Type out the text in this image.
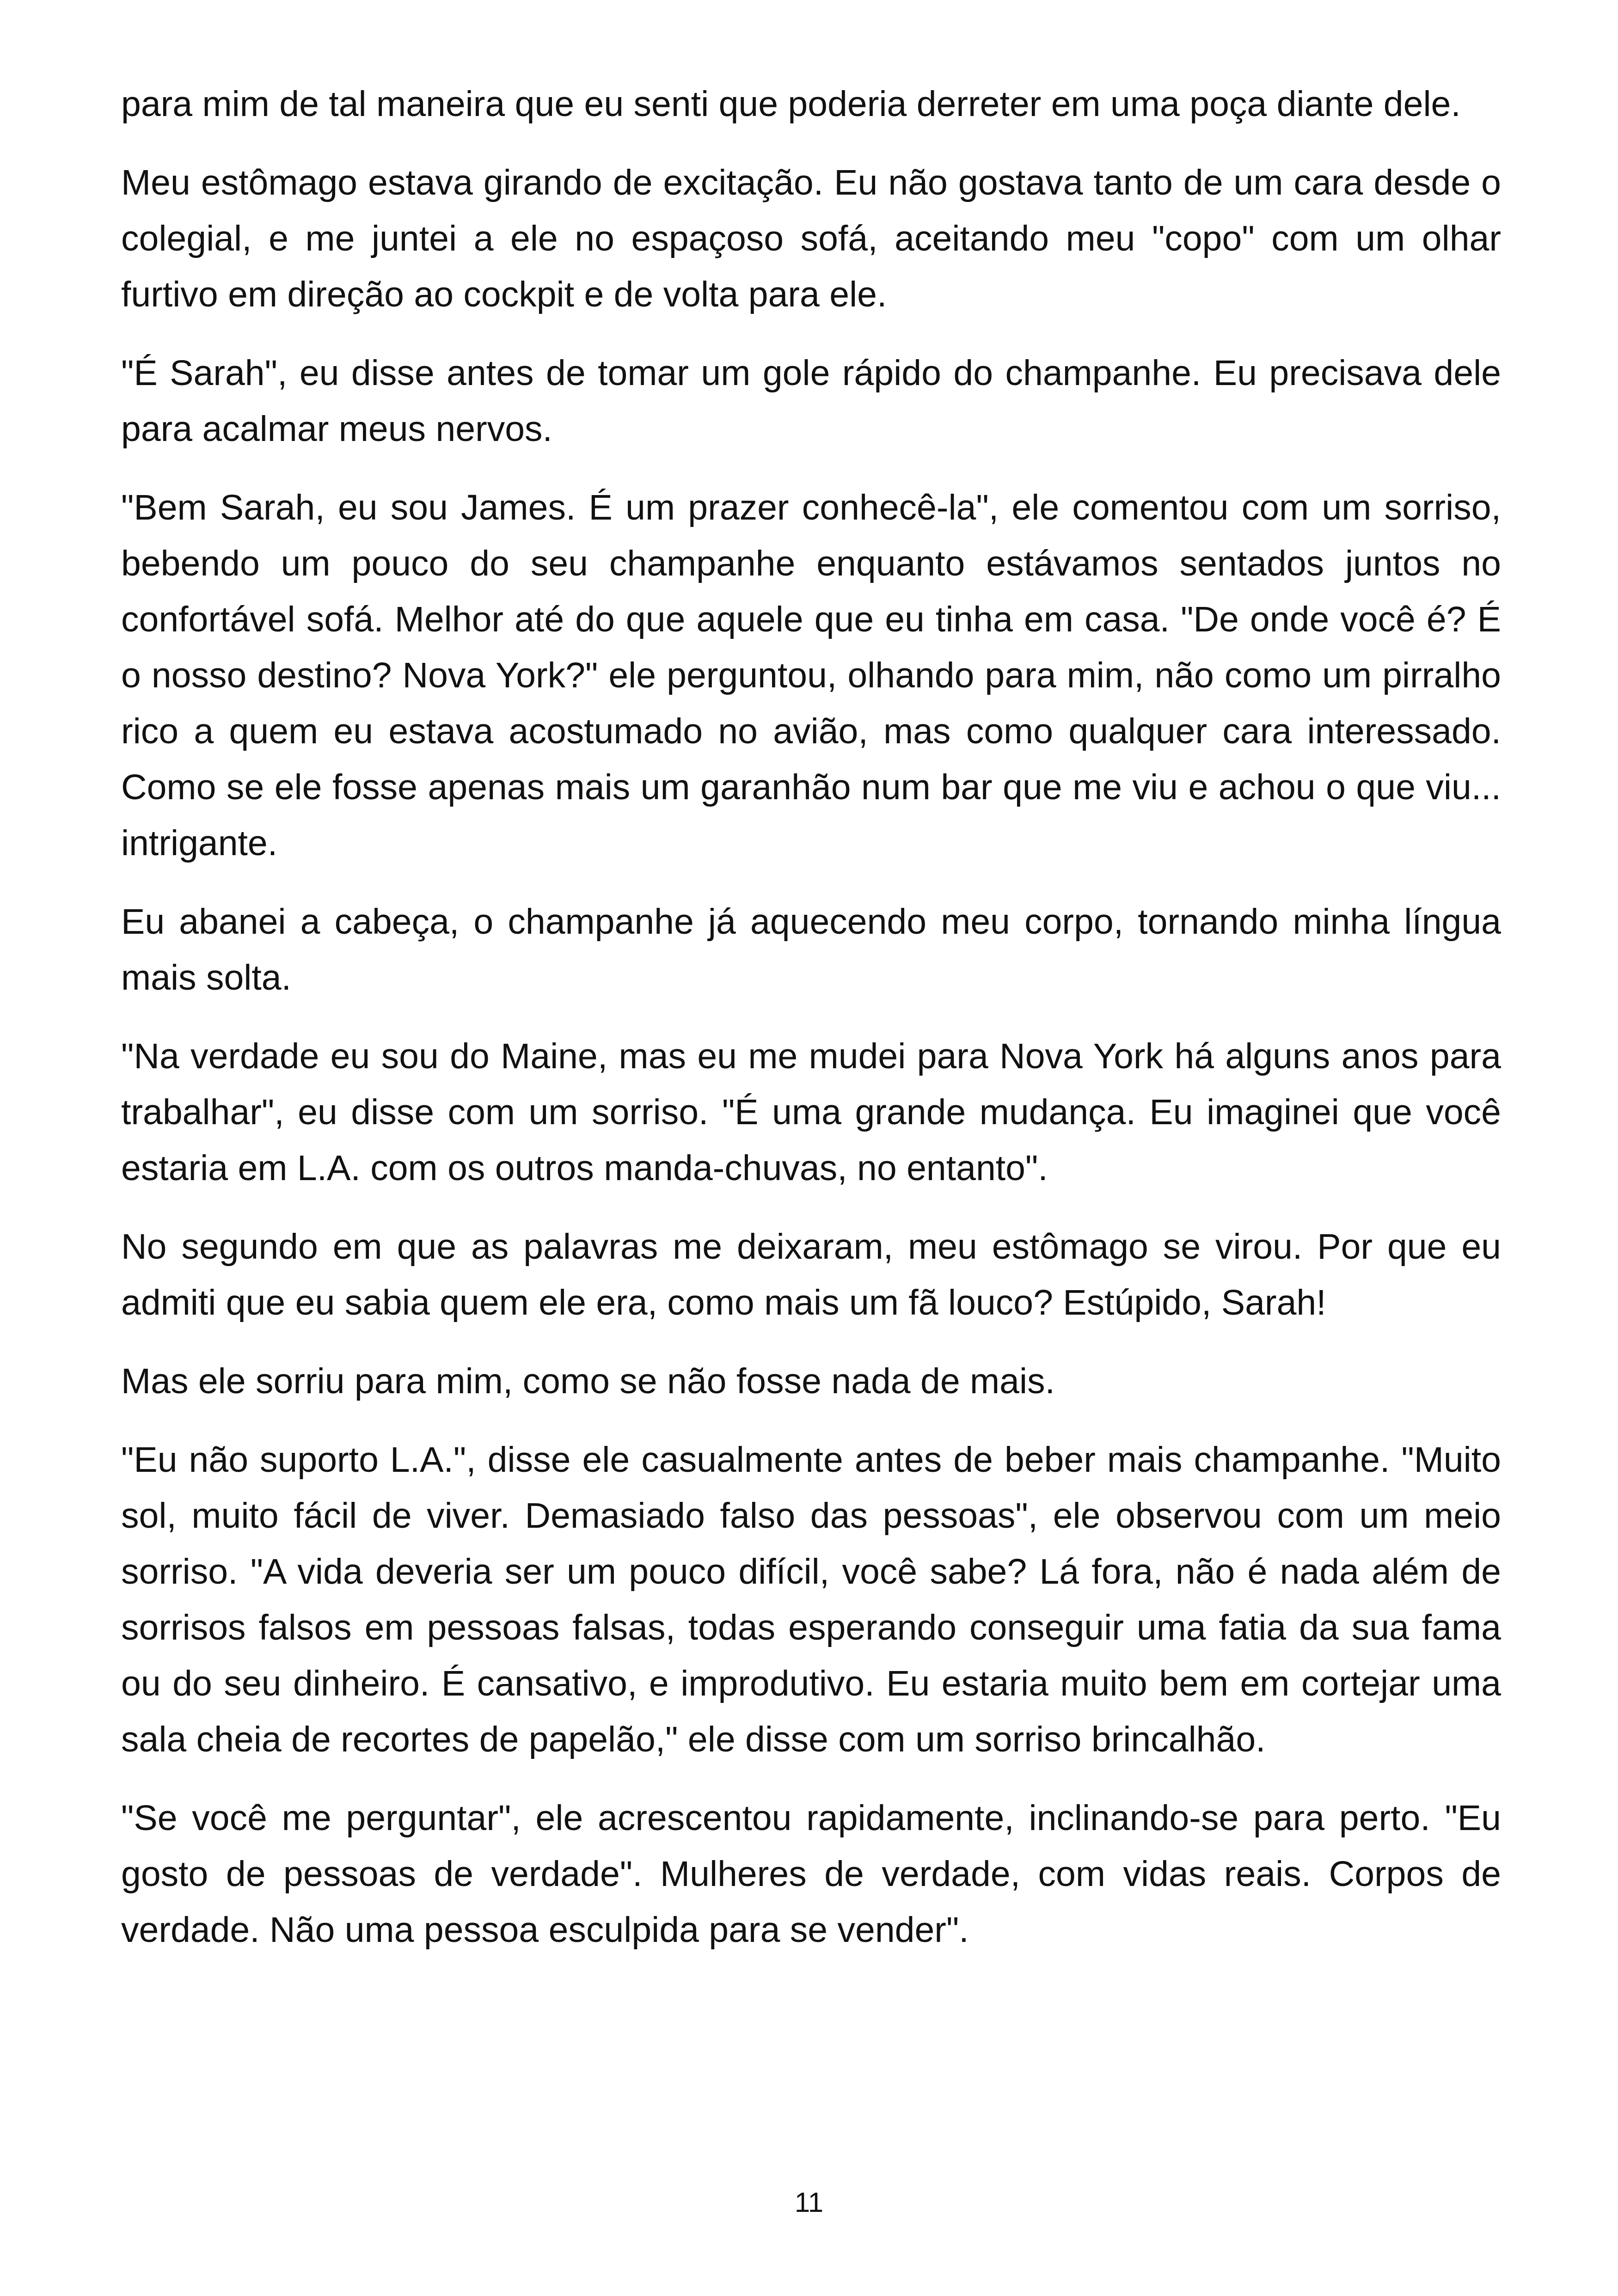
para mim de tal maneira que eu senti que poderia derreter em uma poça diante dele.

Meu estômago estava girando de excitação. Eu não gostava tanto de um cara desde o colegial, e me juntei a ele no espaçoso sofá, aceitando meu "copo" com um olhar furtivo em direção ao cockpit e de volta para ele.

"É Sarah", eu disse antes de tomar um gole rápido do champanhe. Eu precisava dele para acalmar meus nervos.

"Bem Sarah, eu sou James. É um prazer conhecê-la", ele comentou com um sorriso, bebendo um pouco do seu champanhe enquanto estávamos sentados juntos no confortável sofá. Melhor até do que aquele que eu tinha em casa. "De onde você é? É o nosso destino? Nova York?" ele perguntou, olhando para mim, não como um pirralho rico a quem eu estava acostumado no avião, mas como qualquer cara interessado. Como se ele fosse apenas mais um garanhão num bar que me viu e achou o que viu... intrigante.

Eu abanei a cabeça, o champanhe já aquecendo meu corpo, tornando minha língua mais solta.

"Na verdade eu sou do Maine, mas eu me mudei para Nova York há alguns anos para trabalhar", eu disse com um sorriso. "É uma grande mudança. Eu imaginei que você estaria em L.A. com os outros manda-chuvas, no entanto".

No segundo em que as palavras me deixaram, meu estômago se virou. Por que eu admiti que eu sabia quem ele era, como mais um fã louco? Estúpido, Sarah!

Mas ele sorriu para mim, como se não fosse nada de mais.

"Eu não suporto L.A.", disse ele casualmente antes de beber mais champanhe. "Muito sol, muito fácil de viver. Demasiado falso das pessoas", ele observou com um meio sorriso. "A vida deveria ser um pouco difícil, você sabe? Lá fora, não é nada além de sorrisos falsos em pessoas falsas, todas esperando conseguir uma fatia da sua fama ou do seu dinheiro. É cansativo, e improdutivo. Eu estaria muito bem em cortejar uma sala cheia de recortes de papelão," ele disse com um sorriso brincalhão.

"Se você me perguntar", ele acrescentou rapidamente, inclinando-se para perto. "Eu gosto de pessoas de verdade". Mulheres de verdade, com vidas reais. Corpos de verdade. Não uma pessoa esculpida para se vender".

11
